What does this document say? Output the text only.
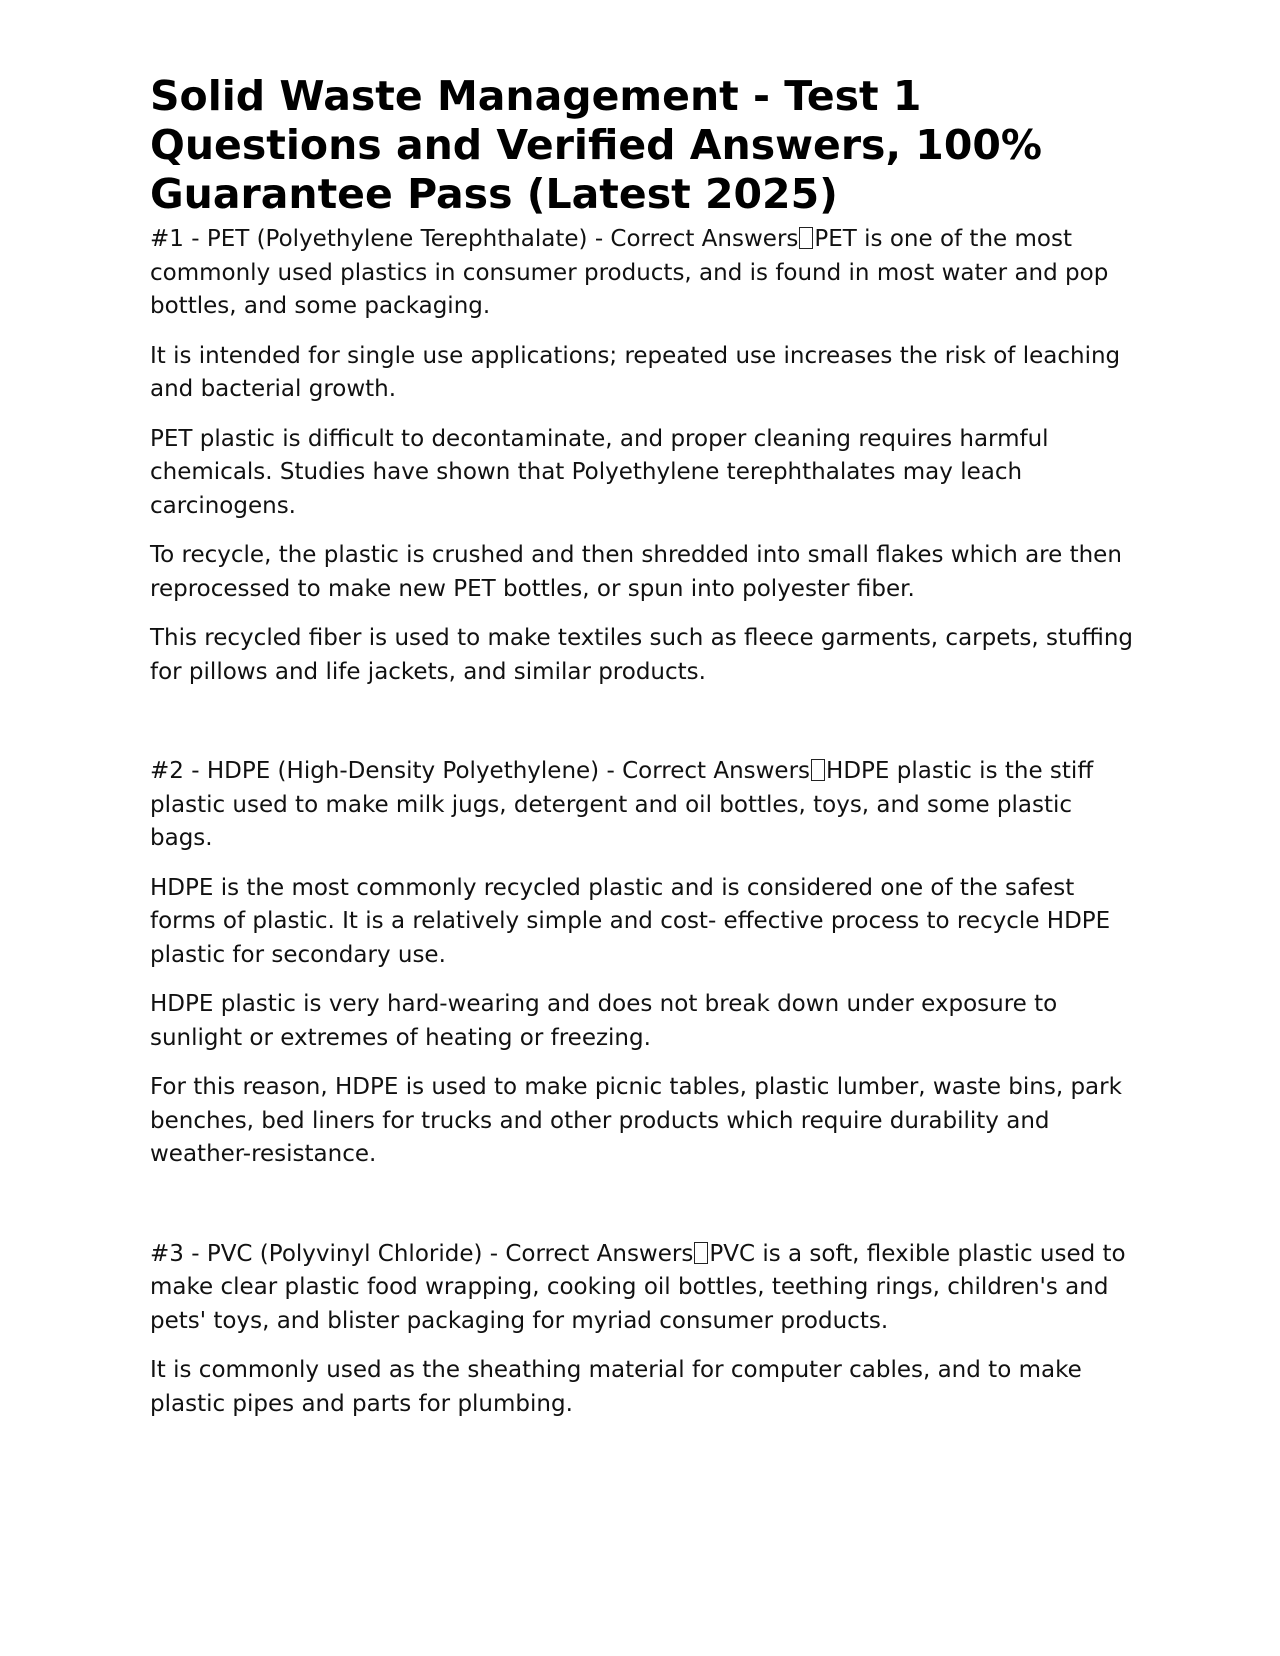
Solid Waste Management - Test 1 Questions and Verified Answers, 100% Guarantee Pass (Latest 2025)

#1 - PET (Polyethylene Terephthalate) - Correct Answers PET is one of the most commonly used plastics in consumer products, and is found in most water and pop bottles, and some packaging.

It is intended for single use applications; repeated use increases the risk of leaching and bacterial growth.

PET plastic is difficult to decontaminate, and proper cleaning requires harmful chemicals. Studies have shown that Polyethylene terephthalates may leach carcinogens.

To recycle, the plastic is crushed and then shredded into small flakes which are then reprocessed to make new PET bottles, or spun into polyester fiber.

This recycled fiber is used to make textiles such as fleece garments, carpets, stuffing for pillows and life jackets, and similar products.

#2 - HDPE (High-Density Polyethylene) - Correct Answers HDPE plastic is the stiff plastic used to make milk jugs, detergent and oil bottles, toys, and some plastic bags.

HDPE is the most commonly recycled plastic and is considered one of the safest forms of plastic. It is a relatively simple and cost- effective process to recycle HDPE plastic for secondary use.

HDPE plastic is very hard-wearing and does not break down under exposure to sunlight or extremes of heating or freezing.

For this reason, HDPE is used to make picnic tables, plastic lumber, waste bins, park benches, bed liners for trucks and other products which require durability and weather-resistance.

#3 - PVC (Polyvinyl Chloride) - Correct Answers PVC is a soft, flexible plastic used to make clear plastic food wrapping, cooking oil bottles, teething rings, children's and pets' toys, and blister packaging for myriad consumer products.

It is commonly used as the sheathing material for computer cables, and to make plastic pipes and parts for plumbing.
